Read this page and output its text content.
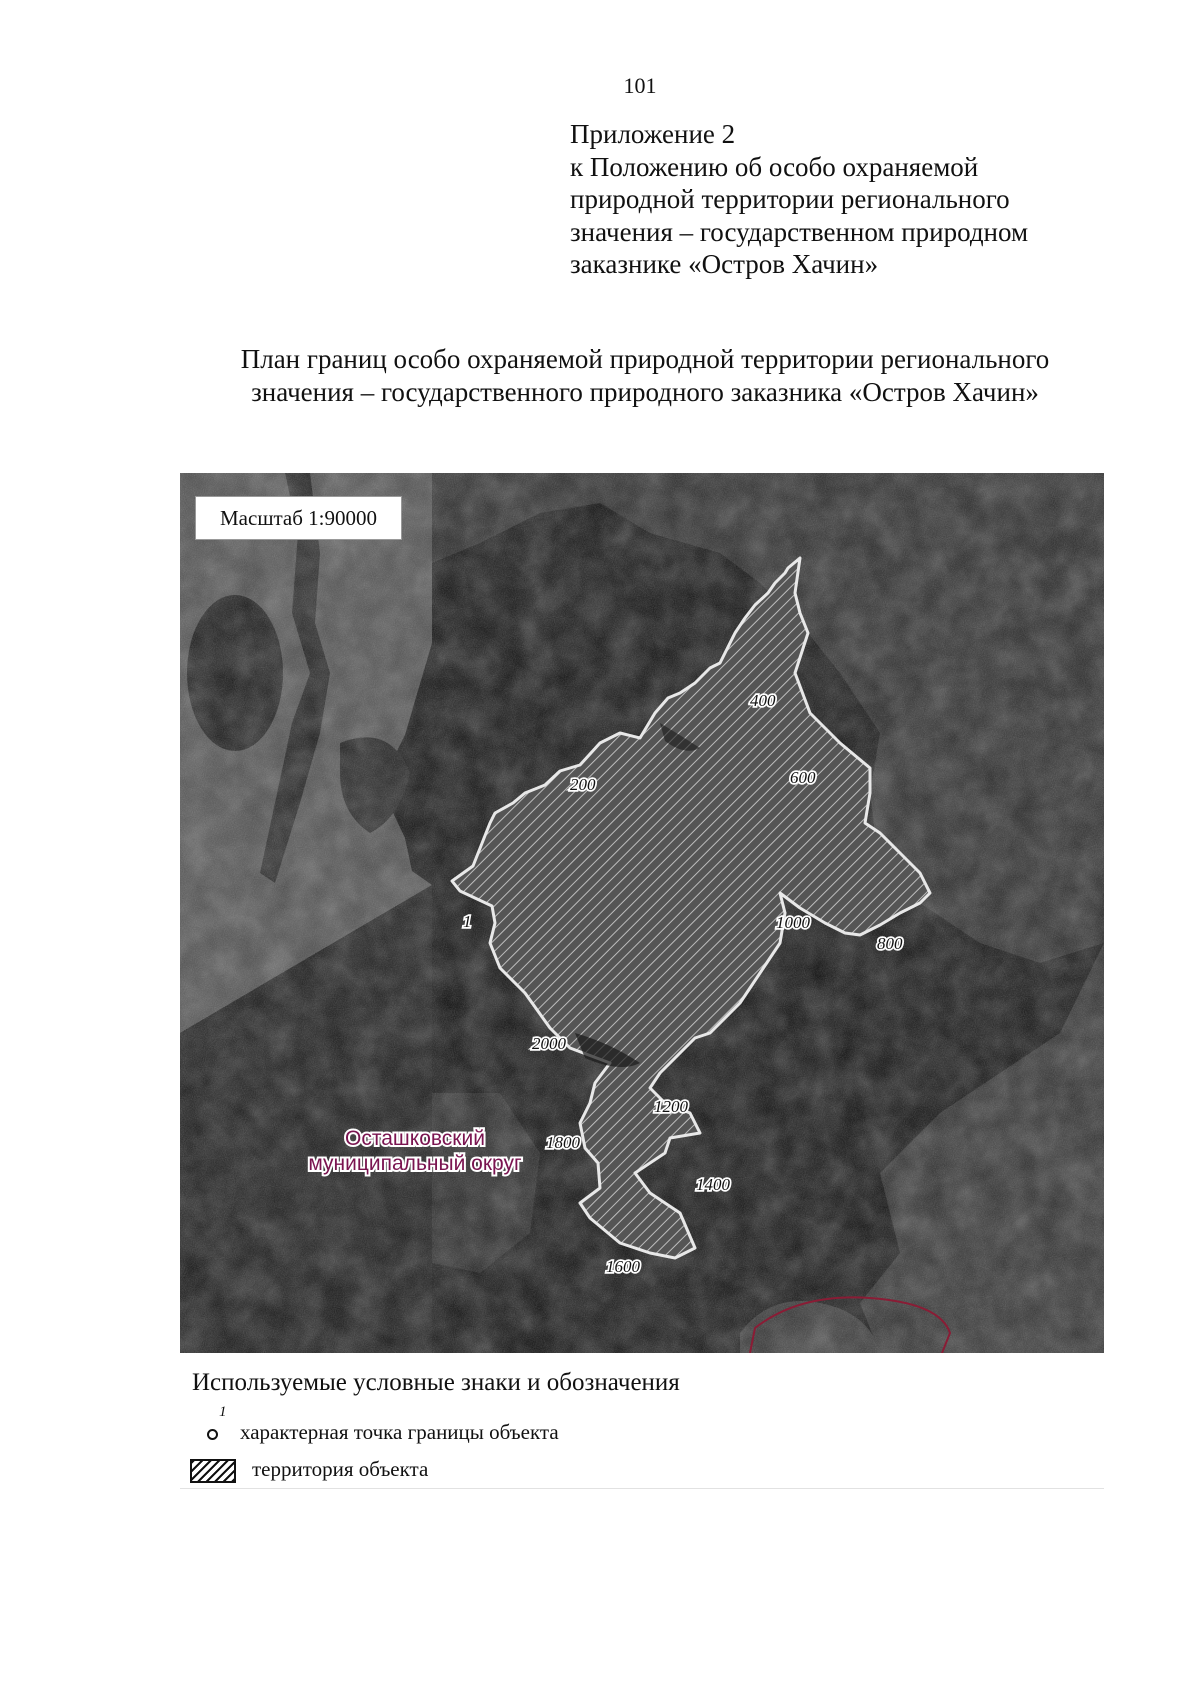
101
Приложение 2
к Положению об особо охраняемой
природной территории регионального
значения – государственном природном
заказнике «Остров Хачин»
План границ особо охраняемой природной территории регионального
значения – государственного природного заказника «Остров Хачин»
1
200
400
600
800
1000
1200
1400
1600
1800
2000
Осташковский
муниципальный округ
Масштаб 1:90000
Используемые условные знаки и обозначения
1
характерная точка границы объекта
территория объекта
